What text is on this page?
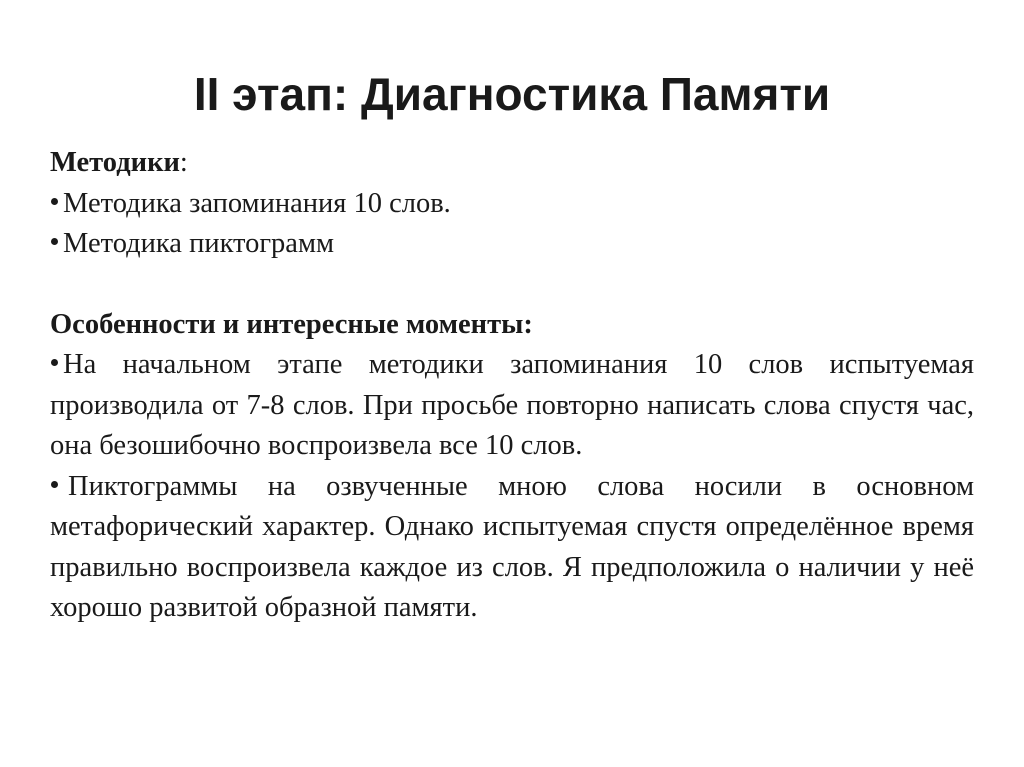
II этап: Диагностика Памяти

Методики:

Методика запоминания 10 слов.

Методика пиктограмм

Особенности и интересные моменты:

На начальном этапе методики запоминания 10 слов испытуемая производила от 7-8 слов. При просьбе повторно написать слова спустя час, она безошибочно воспроизвела все 10 слов.

Пиктограммы на озвученные мною слова носили в основном метафорический характер. Однако испытуемая спустя определённое время правильно воспроизвела каждое из слов. Я предположила о наличии у неё хорошо развитой образной памяти.
